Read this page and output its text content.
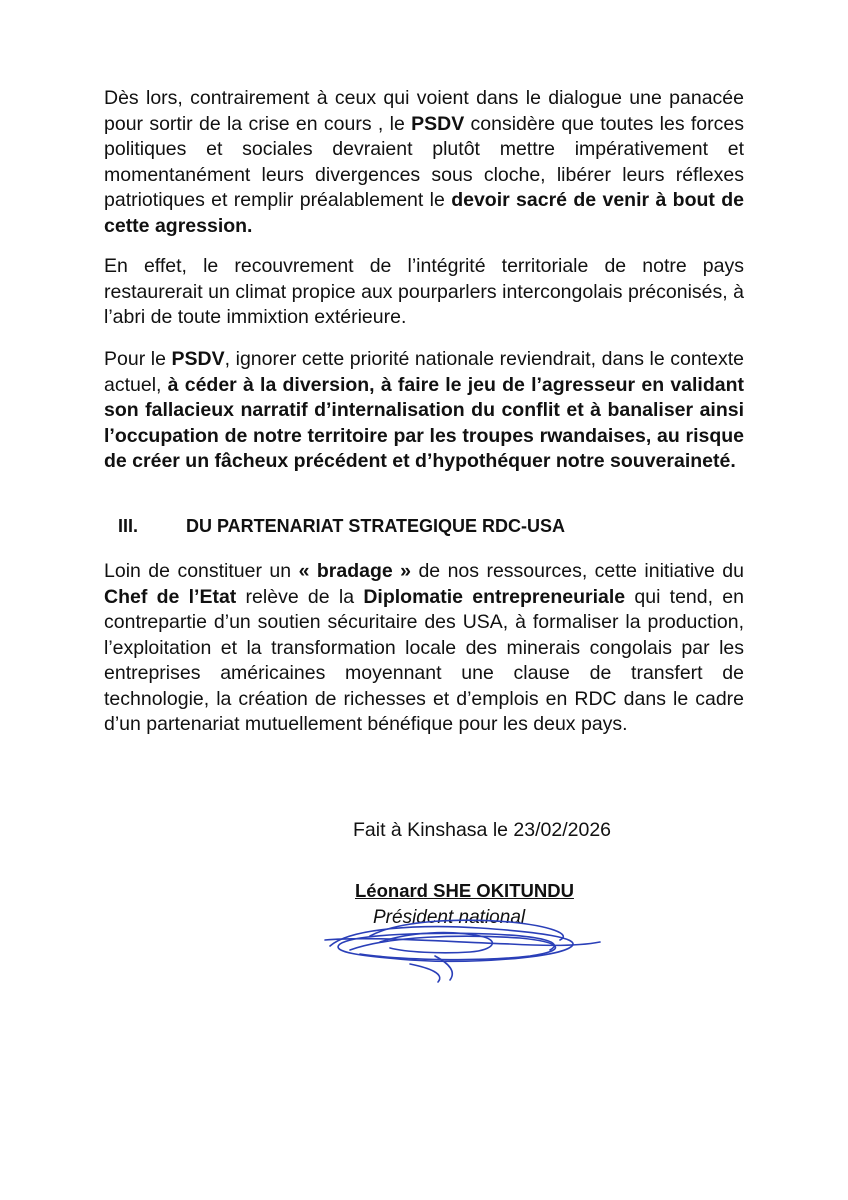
Dès lors, contrairement à ceux qui voient dans le dialogue une panacée pour sortir de la crise en cours , le PSDV considère que toutes les forces politiques et sociales devraient plutôt mettre impérativement et momentanément leurs divergences sous cloche, libérer leurs réflexes patriotiques et remplir préalablement le devoir sacré de venir à bout de cette agression.

En effet, le recouvrement de l’intégrité territoriale de notre pays restaurerait un climat propice aux pourparlers intercongolais préconisés, à l’abri de toute immixtion extérieure.

Pour le PSDV, ignorer cette priorité nationale reviendrait, dans le contexte actuel, à céder à la diversion, à faire le jeu de l’agresseur en validant son fallacieux narratif d’internalisation du conflit et à banaliser ainsi l’occupation de notre territoire par les troupes rwandaises, au risque de créer un fâcheux précédent et d’hypothéquer notre souveraineté.

III.	DU PARTENARIAT STRATEGIQUE RDC-USA

Loin de constituer un « bradage » de nos ressources, cette initiative du Chef de l’Etat relève de la Diplomatie entrepreneuriale qui tend, en contrepartie d’un soutien sécuritaire des USA, à formaliser la production, l’exploitation et la transformation locale des minerais congolais par les entreprises américaines moyennant une clause de transfert de technologie, la création de richesses et d’emplois en RDC dans le cadre d’un partenariat mutuellement bénéfique pour les deux pays.

Fait à Kinshasa le 23/02/2026
Léonard SHE OKITUNDU
Président national
